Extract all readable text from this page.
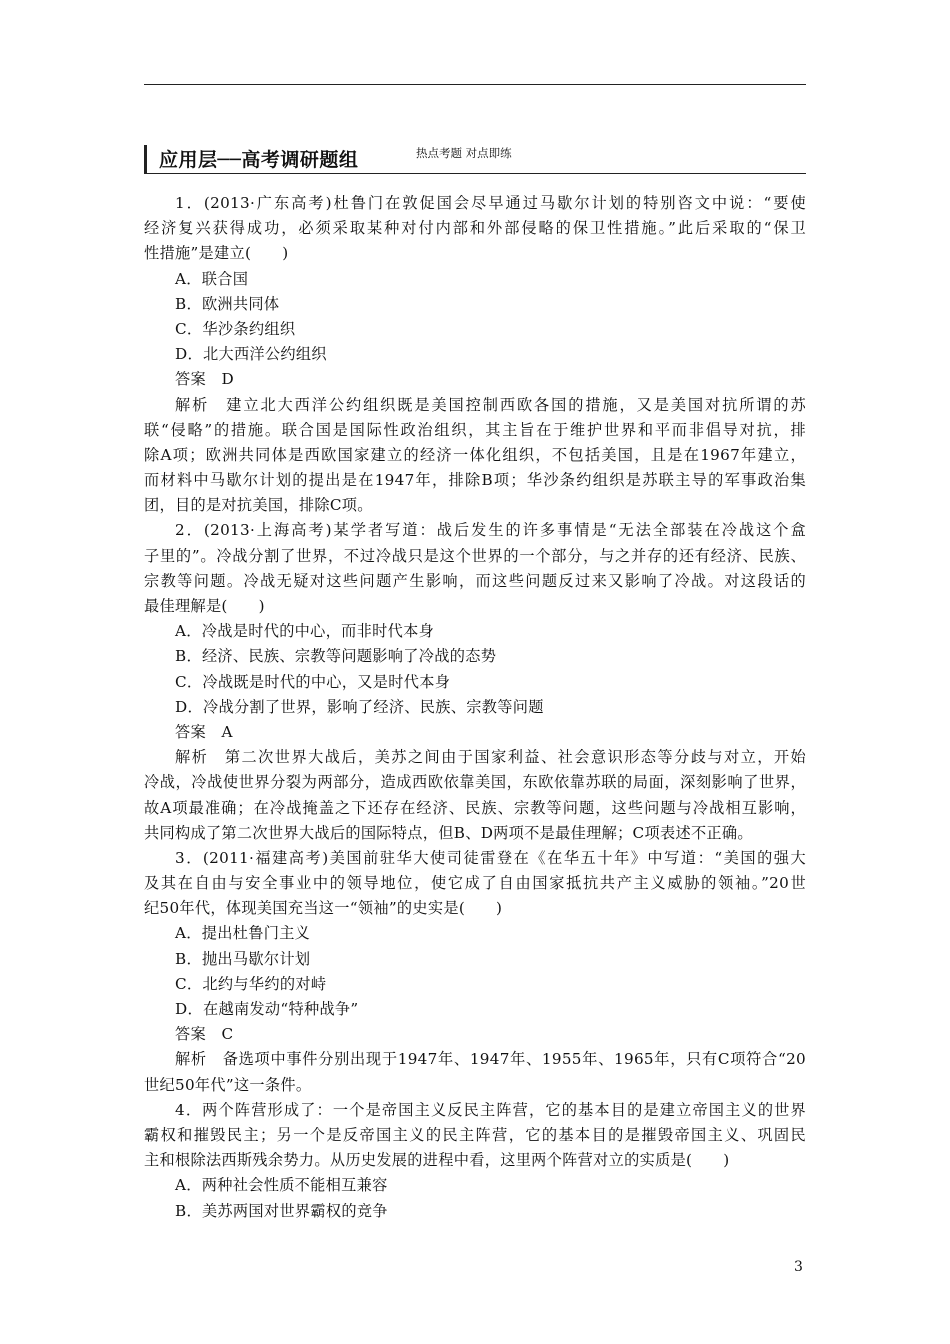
应用层──高考调研题组	热点考题 对点即练
1．(2013·广东高考)杜鲁门在敦促国会尽早通过马歇尔计划的特别咨文中说：“要使
经济复兴获得成功，必须采取某种对付内部和外部侵略的保卫性措施。”此后采取的“保卫
性措施”是建立(　　)
A．联合国
B．欧洲共同体
C．华沙条约组织
D．北大西洋公约组织
答案　D
解析　建立北大西洋公约组织既是美国控制西欧各国的措施，又是美国对抗所谓的苏
联“侵略”的措施。联合国是国际性政治组织，其主旨在于维护世界和平而非倡导对抗，排
除A项；欧洲共同体是西欧国家建立的经济一体化组织，不包括美国，且是在1967年建立，
而材料中马歇尔计划的提出是在1947年，排除B项；华沙条约组织是苏联主导的军事政治集
团，目的是对抗美国，排除C项。
2．(2013·上海高考)某学者写道：战后发生的许多事情是“无法全部装在冷战这个盒
子里的”。冷战分割了世界，不过冷战只是这个世界的一个部分，与之并存的还有经济、民族、
宗教等问题。冷战无疑对这些问题产生影响，而这些问题反过来又影响了冷战。对这段话的
最佳理解是(　　)
A．冷战是时代的中心，而非时代本身
B．经济、民族、宗教等问题影响了冷战的态势
C．冷战既是时代的中心，又是时代本身
D．冷战分割了世界，影响了经济、民族、宗教等问题
答案　A
解析　第二次世界大战后，美苏之间由于国家利益、社会意识形态等分歧与对立，开始
冷战，冷战使世界分裂为两部分，造成西欧依靠美国，东欧依靠苏联的局面，深刻影响了世界，
故A项最准确；在冷战掩盖之下还存在经济、民族、宗教等问题，这些问题与冷战相互影响，
共同构成了第二次世界大战后的国际特点，但B、D两项不是最佳理解；C项表述不正确。
3．(2011·福建高考)美国前驻华大使司徒雷登在《在华五十年》中写道：“美国的强大
及其在自由与安全事业中的领导地位，使它成了自由国家抵抗共产主义威胁的领袖。”20世
纪50年代，体现美国充当这一“领袖”的史实是(　　)
A．提出杜鲁门主义
B．抛出马歇尔计划
C．北约与华约的对峙
D．在越南发动“特种战争”
答案　C
解析　备选项中事件分别出现于1947年、1947年、1955年、1965年，只有C项符合“20
世纪50年代”这一条件。
4．两个阵营形成了：一个是帝国主义反民主阵营，它的基本目的是建立帝国主义的世界
霸权和摧毁民主；另一个是反帝国主义的民主阵营，它的基本目的是摧毁帝国主义、巩固民
主和根除法西斯残余势力。从历史发展的进程中看，这里两个阵营对立的实质是(　　)
A．两种社会性质不能相互兼容
B．美苏两国对世界霸权的竞争
3
